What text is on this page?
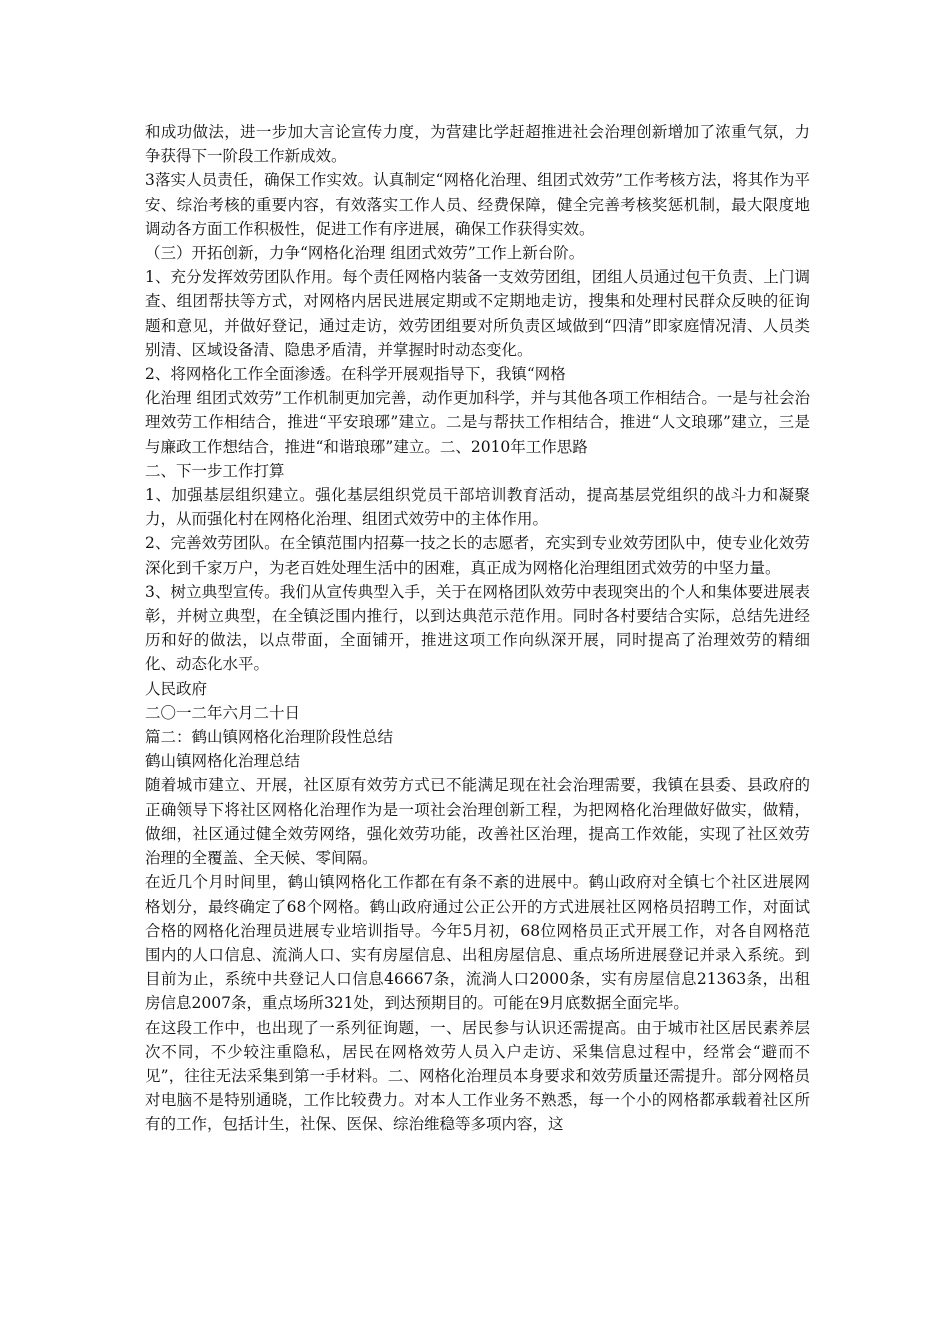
和成功做法，进一步加大言论宣传力度，为营建比学赶超推进社会治理创新增加了浓重气氛，力争获得下一阶段工作新成效。

3落实人员责任，确保工作实效。认真制定“网格化治理、组团式效劳”工作考核方法，将其作为平安、综治考核的重要内容，有效落实工作人员、经费保障，健全完善考核奖惩机制，最大限度地调动各方面工作积极性，促进工作有序进展，确保工作获得实效。

（三）开拓创新，力争“网格化治理 组团式效劳”工作上新台阶。

1、充分发挥效劳团队作用。每个责任网格内装备一支效劳团组，团组人员通过包干负责、上门调查、组团帮扶等方式，对网格内居民进展定期或不定期地走访，搜集和处理村民群众反映的征询题和意见，并做好登记，通过走访，效劳团组要对所负责区域做到“四清”即家庭情况清、人员类别清、区域设备清、隐患矛盾清，并掌握时时动态变化。

2、将网格化工作全面渗透。在科学开展观指导下，我镇“网格

化治理 组团式效劳”工作机制更加完善，动作更加科学，并与其他各项工作相结合。一是与社会治理效劳工作相结合，推进“平安琅琊”建立。二是与帮扶工作相结合，推进“人文琅琊”建立，三是与廉政工作想结合，推进“和谐琅琊”建立。二、2010年工作思路

二、下一步工作打算

1、加强基层组织建立。强化基层组织党员干部培训教育活动，提高基层党组织的战斗力和凝聚力，从而强化村在网格化治理、组团式效劳中的主体作用。

2、完善效劳团队。在全镇范围内招募一技之长的志愿者，充实到专业效劳团队中，使专业化效劳深化到千家万户，为老百姓处理生活中的困难，真正成为网格化治理组团式效劳的中坚力量。

3、树立典型宣传。我们从宣传典型入手，关于在网格团队效劳中表现突出的个人和集体要进展表彰，并树立典型，在全镇泛围内推行，以到达典范示范作用。同时各村要结合实际，总结先进经历和好的做法，以点带面，全面铺开，推进这项工作向纵深开展，同时提高了治理效劳的精细化、动态化水平。

人民政府

二〇一二年六月二十日

篇二：鹤山镇网格化治理阶段性总结

鹤山镇网格化治理总结

随着城市建立、开展，社区原有效劳方式已不能满足现在社会治理需要，我镇在县委、县政府的正确领导下将社区网格化治理作为是一项社会治理创新工程，为把网格化治理做好做实，做精，做细，社区通过健全效劳网络，强化效劳功能，改善社区治理，提高工作效能，实现了社区效劳治理的全覆盖、全天候、零间隔。

在近几个月时间里，鹤山镇网格化工作都在有条不紊的进展中。鹤山政府对全镇七个社区进展网格划分，最终确定了68个网格。鹤山政府通过公正公开的方式进展社区网格员招聘工作，对面试合格的网格化治理员进展专业培训指导。今年5月初，68位网格员正式开展工作，对各自网格范围内的人口信息、流淌人口、实有房屋信息、出租房屋信息、重点场所进展登记并录入系统。到目前为止，系统中共登记人口信息46667条，流淌人口2000条，实有房屋信息21363条，出租房信息2007条，重点场所321处，到达预期目的。可能在9月底数据全面完毕。

在这段工作中，也出现了一系列征询题，一、居民参与认识还需提高。由于城市社区居民素养层次不同，不少较注重隐私，居民在网格效劳人员入户走访、采集信息过程中，经常会“避而不见”，往往无法采集到第一手材料。二、网格化治理员本身要求和效劳质量还需提升。部分网格员对电脑不是特别通晓，工作比较费力。对本人工作业务不熟悉，每一个小的网格都承载着社区所有的工作，包括计生，社保、医保、综治维稳等多项内容，这
